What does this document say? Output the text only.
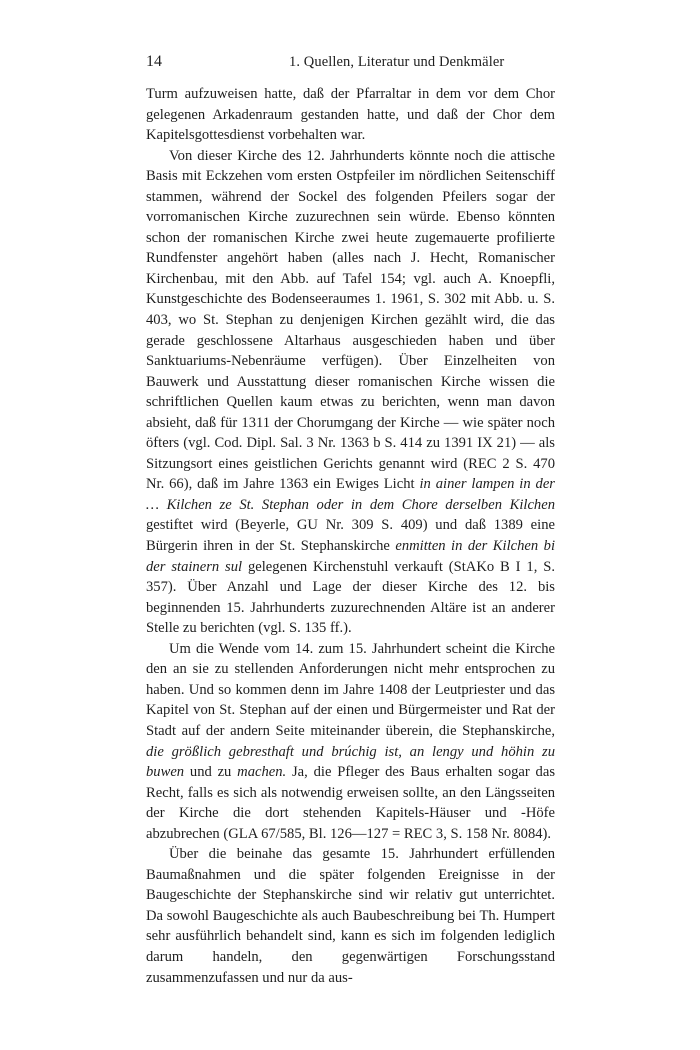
14	1. Quellen, Literatur und Denkmäler

Turm aufzuweisen hatte, daß der Pfarraltar in dem vor dem Chor gelegenen Arkadenraum gestanden hatte, und daß der Chor dem Kapitelsgottesdienst vorbehalten war.

Von dieser Kirche des 12. Jahrhunderts könnte noch die attische Basis mit Eckzehen vom ersten Ostpfeiler im nördlichen Seitenschiff stammen, während der Sockel des folgenden Pfeilers sogar der vorromanischen Kirche zuzurechnen sein würde. Ebenso könnten schon der romanischen Kirche zwei heute zugemauerte profilierte Rundfenster angehört haben (alles nach J. Hecht, Romanischer Kirchenbau, mit den Abb. auf Tafel 154; vgl. auch A. Knoepfli, Kunstgeschichte des Bodenseeraumes 1. 1961, S. 302 mit Abb. u. S. 403, wo St. Stephan zu denjenigen Kirchen gezählt wird, die das gerade geschlossene Altarhaus ausgeschieden haben und über Sanktuariums-Nebenräume verfügen). Über Einzelheiten von Bauwerk und Ausstattung dieser romanischen Kirche wissen die schriftlichen Quellen kaum etwas zu berichten, wenn man davon absieht, daß für 1311 der Chorumgang der Kirche — wie später noch öfters (vgl. Cod. Dipl. Sal. 3 Nr. 1363 b S. 414 zu 1391 IX 21) — als Sitzungsort eines geistlichen Gerichts genannt wird (REC 2 S. 470 Nr. 66), daß im Jahre 1363 ein Ewiges Licht in ainer lampen in der … Kilchen ze St. Stephan oder in dem Chore derselben Kilchen gestiftet wird (Beyerle, GU Nr. 309 S. 409) und daß 1389 eine Bürgerin ihren in der St. Stephanskirche enmitten in der Kilchen bi der stainern sul gelegenen Kirchenstuhl verkauft (StAKo B I 1, S. 357). Über Anzahl und Lage der dieser Kirche des 12. bis beginnenden 15. Jahrhunderts zuzurechnenden Altäre ist an anderer Stelle zu berichten (vgl. S. 135 ff.).

Um die Wende vom 14. zum 15. Jahrhundert scheint die Kirche den an sie zu stellenden Anforderungen nicht mehr entsprochen zu haben. Und so kommen denn im Jahre 1408 der Leutpriester und das Kapitel von St. Stephan auf der einen und Bürgermeister und Rat der Stadt auf der andern Seite miteinander überein, die Stephanskirche, die größlich gebresthaft und brúchig ist, an lengy und höhin zu buwen und zu machen. Ja, die Pfleger des Baus erhalten sogar das Recht, falls es sich als notwendig erweisen sollte, an den Längsseiten der Kirche die dort stehenden Kapitels-Häuser und -Höfe abzubrechen (GLA 67/585, Bl. 126—127 = REC 3, S. 158 Nr. 8084).

Über die beinahe das gesamte 15. Jahrhundert erfüllenden Baumaßnahmen und die später folgenden Ereignisse in der Baugeschichte der Stephanskirche sind wir relativ gut unterrichtet. Da sowohl Baugeschichte als auch Baubeschreibung bei Th. Humpert sehr ausführlich behandelt sind, kann es sich im folgenden lediglich darum handeln, den gegenwärtigen Forschungsstand zusammenzufassen und nur da aus-
